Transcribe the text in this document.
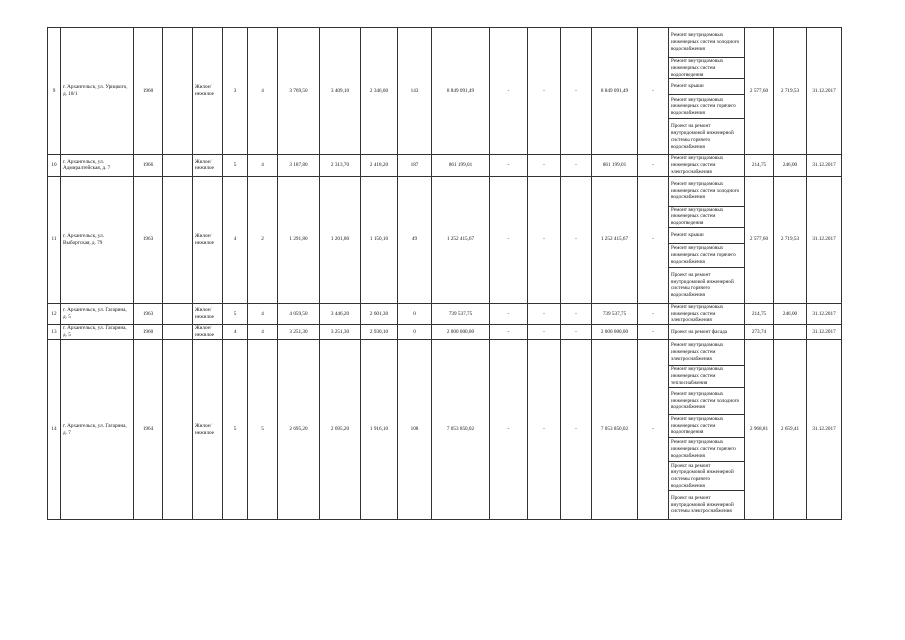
9	г. Архангельск, ул. Урицкого, д. 18/1	1960		Жилое/ нежилое	3	4	3 769,50	3 409,10	2 346,00	143	8 849 091,49	-	-	-	8 849 091,49	-	Ремонт внутридомовых инженерных систем холодного водоснабжения	2 577,60	2 719,53	31.12.2017
																	Ремонт внутридомовых инженерных систем водоотведения			
																	Ремонт крыши			
																	Ремонт внутридомовых инженерных систем горячего водоснабжения			
																	Проект на ремонт внутридомовой инженерной системы горячего водоснабжения			
10	г. Архангельск, ул. Адмиралтейская, д. 7	1966		Жилое/ нежилое	5	4	3 187,80	2 313,70	2 418,20	187	861 199,01	-	-	-	861 199,01	-	Ремонт внутридомовых инженерных систем электроснабжения	214,75	246,00	31.12.2017
11	г. Архангельск, ул. Выборгская, д. 79	1963		Жилое/ нежилое	4	2	1 291,80	1 201,80	1 150,10	49	1 252 415,67	-	-	-	1 252 415,67	-	Ремонт внутридомовых инженерных систем холодного водоснабжения	2 577,60	2 719,53	31.12.2017
																	Ремонт внутридомовых инженерных систем водоотведения			
																	Ремонт крыши			
																	Ремонт внутридомовых инженерных систем горячего водоснабжения			
																	Проект на ремонт внутридомовой инженерной системы горячего водоснабжения			
12	г. Архангельск, ул. Гагарина, д. 5	1963		Жилое/ нежилое	5	4	4 059,50	3 446,20	2 601,30	0	739 537,75	-	-	-	739 537,75	-	Ремонт внутридомовых инженерных систем электроснабжения	214,75	246,00	31.12.2017
13	г. Архангельск, ул. Гагарина, д. 5	1960		Жилое/ нежилое	4	4	3 251,30	3 251,30	2 930,10	0	2 000 000,00	-	-	-	2 000 000,00	-	Проект на ремонт фасада	273,74		31.12.2017
14	г. Архангельск, ул. Гагарина, д. 7	1964		Жилое/ нежилое	5	5	2 695,20	2 695,20	1 916,10	108	7 053 850,02	-	-	-	7 053 850,02	-	Ремонт внутридомовых инженерных систем электроснабжения	2 968,81	2 659,41	31.12.2017
																	Ремонт внутридомовых инженерных систем теплоснабжения			
																	Ремонт внутридомовых инженерных систем холодного водоснабжения			
																	Ремонт внутридомовых инженерных систем водоотведения			
																	Ремонт внутридомовых инженерных систем горячего водоснабжения			
																	Проект на ремонт внутридомовой инженерной системы горячего водоснабжения			
																	Проект на ремонт внутридомовой инженерной системы электроснабжения			
